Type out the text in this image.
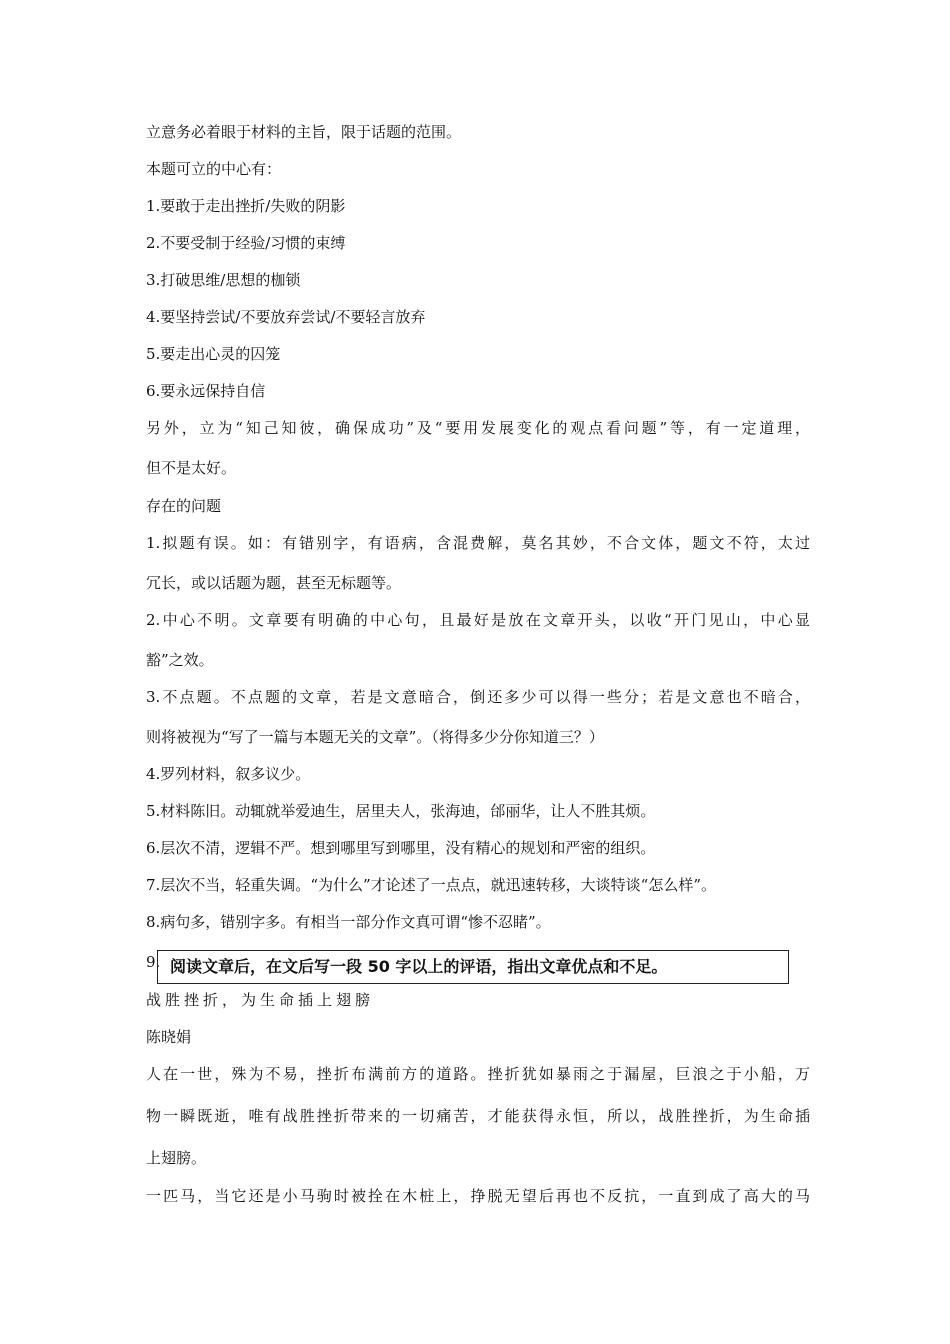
立意务必着眼于材料的主旨，限于话题的范围。

本题可立的中心有：

1.要敢于走出挫折/失败的阴影

2.不要受制于经验/习惯的束缚

3.打破思维/思想的枷锁

4.要坚持尝试/不要放弃尝试/不要轻言放弃

5.要走出心灵的囚笼

6.要永远保持自信

另外，立为“知己知彼，确保成功”及“要用发展变化的观点看问题”等，有一定道理，

但不是太好。

存在的问题

1.拟题有误。如：有错别字，有语病，含混费解，莫名其妙，不合文体，题文不符，太过

冗长，或以话题为题，甚至无标题等。

2.中心不明。文章要有明确的中心句，且最好是放在文章开头，以收“开门见山，中心显

豁”之效。

3.不点题。不点题的文章，若是文意暗合，倒还多少可以得一些分；若是文意也不暗合，

则将被视为“写了一篇与本题无关的文章”。（将得多少分你知道三？）

4.罗列材料，叙多议少。

5.材料陈旧。动辄就举爱迪生，居里夫人，张海迪，邰丽华，让人不胜其烦。

6.层次不清，逻辑不严。想到哪里写到哪里，没有精心的规划和严密的组织。

7.层次不当，轻重失调。“为什么”才论述了一点点，就迅速转移，大谈特谈“怎么样”。

8.病句多，错别字多。有相当一部分作文真可谓“惨不忍睹”。

9. 阅读文章后，在文后写一段 50 字以上的评语，指出文章优点和不足。

战胜挫折，为生命插上翅膀

陈晓娟

人在一世，殊为不易，挫折布满前方的道路。挫折犹如暴雨之于漏屋，巨浪之于小船，万

物一瞬既逝，唯有战胜挫折带来的一切痛苦，才能获得永恒，所以，战胜挫折，为生命插

上翅膀。

一匹马，当它还是小马驹时被拴在木桩上，挣脱无望后再也不反抗，一直到成了高大的马
